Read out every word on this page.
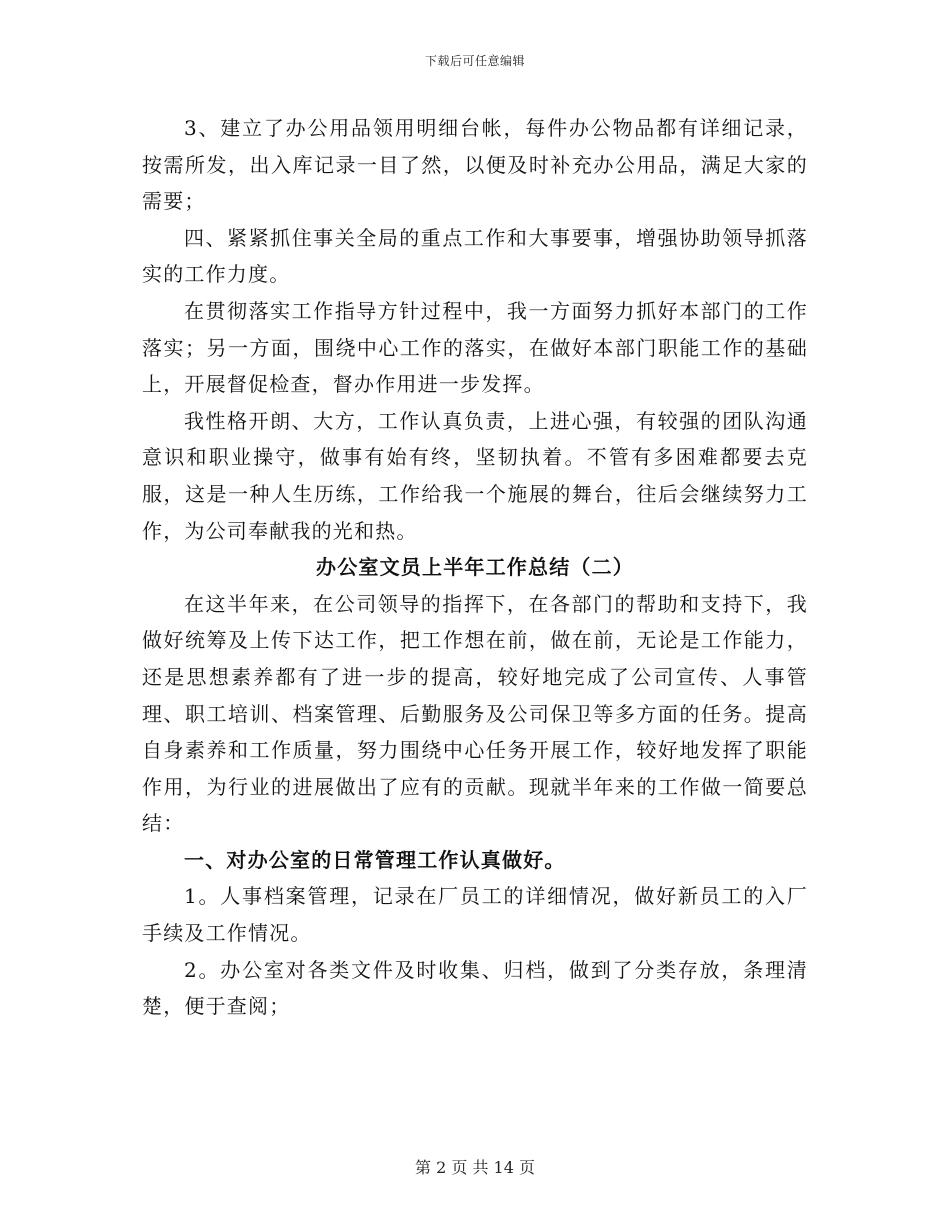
下载后可任意编辑

3、建立了办公用品领用明细台帐，每件办公物品都有详细记录，按需所发，出入库记录一目了然，以便及时补充办公用品，满足大家的需要；

四、紧紧抓住事关全局的重点工作和大事要事，增强协助领导抓落实的工作力度。

在贯彻落实工作指导方针过程中，我一方面努力抓好本部门的工作落实；另一方面，围绕中心工作的落实，在做好本部门职能工作的基础上，开展督促检查，督办作用进一步发挥。

我性格开朗、大方，工作认真负责，上进心强，有较强的团队沟通意识和职业操守，做事有始有终，坚韧执着。不管有多困难都要去克服，这是一种人生历练，工作给我一个施展的舞台，往后会继续努力工作，为公司奉献我的光和热。

办公室文员上半年工作总结（二）

在这半年来，在公司领导的指挥下，在各部门的帮助和支持下，我做好统筹及上传下达工作，把工作想在前，做在前，无论是工作能力，还是思想素养都有了进一步的提高，较好地完成了公司宣传、人事管理、职工培训、档案管理、后勤服务及公司保卫等多方面的任务。提高自身素养和工作质量，努力围绕中心任务开展工作，较好地发挥了职能作用，为行业的进展做出了应有的贡献。现就半年来的工作做一简要总结：

一、对办公室的日常管理工作认真做好。

1。人事档案管理，记录在厂员工的详细情况，做好新员工的入厂手续及工作情况。

2。办公室对各类文件及时收集、归档，做到了分类存放，条理清楚，便于查阅；

第 2 页 共 14 页
